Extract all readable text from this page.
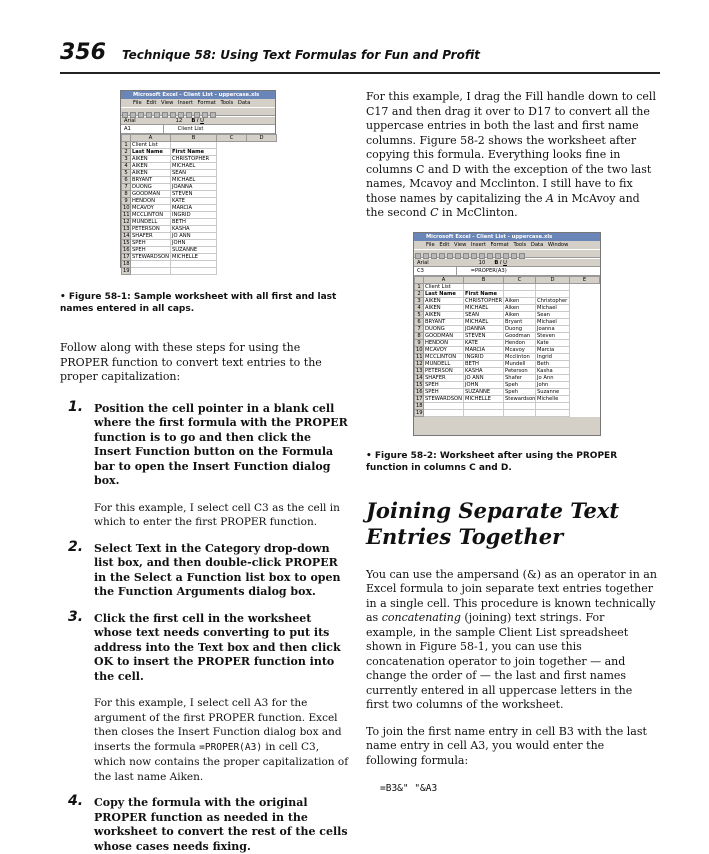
356 Technique 58: Using Text Formulas for Fun and Profit
Microsoft Excel - Client List - uppercase.xls
File Edit View Insert Format Tools Data
Arial	12 B I U
A1	Client List
	A	B	C	D
1	Client List			
2	Last Name	First Name		
3	AIKEN	CHRISTOPHER		
4	AIKEN	MICHAEL		
5	AIKEN	SEAN		
6	BRYANT	MICHAEL		
7	DUONG	JOANNA		
8	GOODMAN	STEVEN		
9	HENDON	KATE		
10	MCAVOY	MARCIA		
11	MCCLINTON	INGRID		
12	MUNDELL	BETH		
13	PETERSON	KASHA		
14	SHAFER	JO ANN		
15	SPEH	JOHN		
16	SPEH	SUZANNE		
17	STEWARDSON	MICHELLE		
18				
19				
• Figure 58-1: Sample worksheet with all first and last names entered in all caps.

Follow along with these steps for using the PROPER function to convert text entries to the proper capitalization:

1. Position the cell pointer in a blank cell where the first formula with the PROPER function is to go and then click the Insert Function button on the Formula bar to open the Insert Function dialog box.

For this example, I select cell C3 as the cell in which to enter the first PROPER function.

2. Select Text in the Category drop-down list box, and then double-click PROPER in the Select a Function list box to open the Function Arguments dialog box.
3. Click the first cell in the worksheet whose text needs converting to put its address into the Text box and then click OK to insert the PROPER function into the cell.

For this example, I select cell A3 for the argument of the first PROPER function. Excel then closes the Insert Function dialog box and inserts the formula =PROPER(A3) in cell C3, which now contains the proper capitalization of the last name Aiken.

4. Copy the formula with the original PROPER function as needed in the worksheet to convert the rest of the cells whose cases needs fixing.

For this example, I drag the Fill handle down to cell C17 and then drag it over to D17 to convert all the uppercase entries in both the last and first name columns. Figure 58-2 shows the worksheet after copying this formula. Everything looks fine in columns C and D with the exception of the two last names, Mcavoy and Mcclinton. I still have to fix those names by capitalizing the A in McAvoy and the second C in McClinton.

Microsoft Excel - Client List - uppercase.xls
File Edit View Insert Format Tools Data Window
Arial	10 B I U
C3	=PROPER(A3)
	A	B	C	D	E
1	Client List				
2	Last Name	First Name			
3	AIKEN	CHRISTOPHER	Aiken	Christopher	
4	AIKEN	MICHAEL	Aiken	Michael	
5	AIKEN	SEAN	Aiken	Sean	
6	BRYANT	MICHAEL	Bryant	Michael	
7	DUONG	JOANNA	Duong	Joanna	
8	GOODMAN	STEVEN	Goodman	Steven	
9	HENDON	KATE	Hendon	Kate	
10	MCAVOY	MARCIA	Mcavoy	Marcia	
11	MCCLINTON	INGRID	Mcclinton	Ingrid	
12	MUNDELL	BETH	Mundell	Beth	
13	PETERSON	KASHA	Peterson	Kasha	
14	SHAFER	JO ANN	Shafer	Jo Ann	
15	SPEH	JOHN	Speh	John	
16	SPEH	SUZANNE	Speh	Suzanne	
17	STEWARDSON	MICHELLE	Stewardson	Michelle	
18					
19					
• Figure 58-2: Worksheet after using the PROPER function in columns C and D.
Joining Separate Text Entries Together

You can use the ampersand (&) as an operator in an Excel formula to join separate text entries together in a single cell. This procedure is known technically as concatenating (joining) text strings. For example, in the sample Client List spreadsheet shown in Figure 58-1, you can use this concatenation operator to join together — and change the order of — the last and first names currently entered in all uppercase letters in the first two columns of the worksheet.

To join the first name entry in cell B3 with the last name entry in cell A3, you would enter the following formula:

=B3&" "&A3
